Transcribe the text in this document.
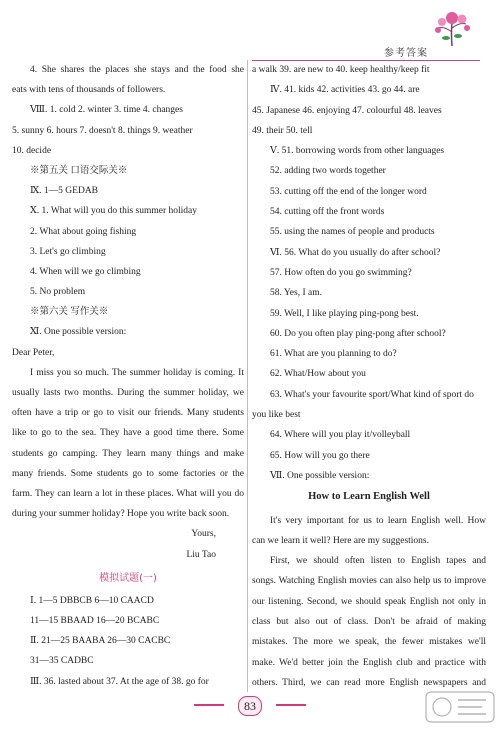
参考答案
4. She shares the places she stays and the food she
eats with tens of thousands of followers.
Ⅷ. 1. cold 2. winter 3. time 4. changes
5. sunny 6. hours 7. doesn't 8. things 9. weather
10. decide
※第五关 口语交际关※
Ⅸ. 1—5 GEDAB
Ⅹ. 1. What will you do this summer holiday
2. What about going fishing
3. Let's go climbing
4. When will we go climbing
5. No problem
※第六关 写作关※
Ⅺ. One possible version:
Dear Peter,
I miss you so much. The summer holiday is coming. It
usually lasts two months. During the summer holiday, we
often have a trip or go to visit our friends. Many students
like to go to the sea. They have a good time there. Some
students go camping. They learn many things and make
many friends. Some students go to some factories or the
farm. They can learn a lot in these places. What will you do
during your summer holiday? Hope you write back soon.
Yours,
Liu Tao
模拟试题(一)
Ⅰ. 1—5 DBBCB 6—10 CAACD
11—15 BBAAD 16—20 BCABC
Ⅱ. 21—25 BAABA 26—30 CACBC
31—35 CADBC
Ⅲ. 36. lasted about 37. At the age of 38. go for
a walk 39. are new to 40. keep healthy/keep fit
Ⅳ. 41. kids 42. activities 43. go 44. are
45. Japanese 46. enjoying 47. colourful 48. leaves
49. their 50. tell
Ⅴ. 51. borrowing words from other languages
52. adding two words together
53. cutting off the end of the longer word
54. cutting off the front words
55. using the names of people and products
Ⅵ. 56. What do you usually do after school?
57. How often do you go swimming?
58. Yes, I am.
59. Well, I like playing ping-pong best.
60. Do you often play ping-pong after school?
61. What are you planning to do?
62. What/How about you
63. What's your favourite sport/What kind of sport do
you like best
64. Where will you play it/volleyball
65. How will you go there
Ⅶ. One possible version:
How to Learn English Well
It's very important for us to learn English well. How
can we learn it well? Here are my suggestions.
First, we should often listen to English tapes and
songs. Watching English movies can also help us to improve
our listening. Second, we should speak English not only in
class but also out of class. Don't be afraid of making
mistakes. The more we speak, the fewer mistakes we'll
make. We'd better join the English club and practice with
others. Third, we can read more English newspapers and
83
